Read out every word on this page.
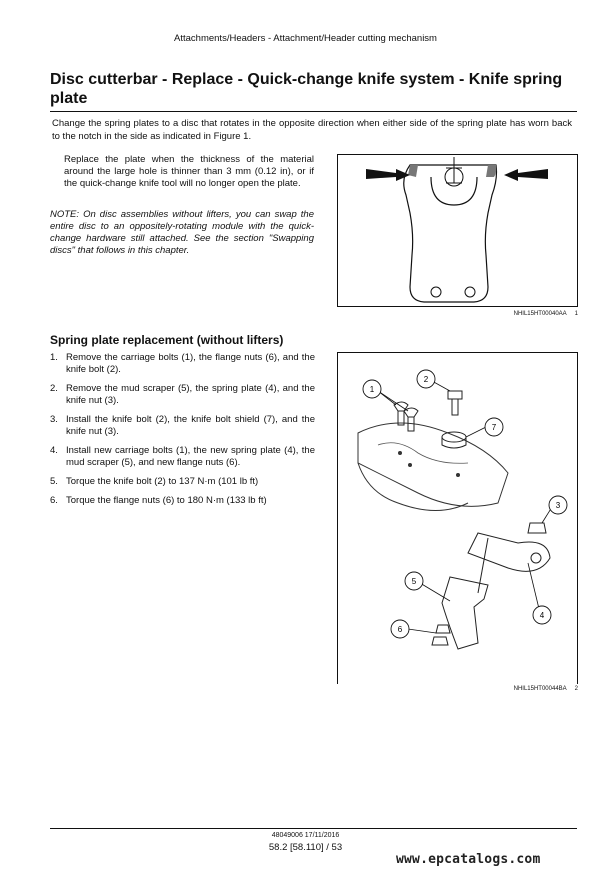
Attachments/Headers - Attachment/Header cutting mechanism
Disc cutterbar - Replace - Quick-change knife system - Knife spring plate
Change the spring plates to a disc that rotates in the opposite direction when either side of the spring plate has worn back to the notch in the side as indicated in Figure 1.
Replace the plate when the thickness of the material around the large hole is thinner than 3 mm (0.12 in), or if the quick-change knife tool will no longer open the plate.
NOTE: On disc assemblies without lifters, you can swap the entire disc to an oppositely-rotating module with the quick-change hardware still attached. See the section "Swapping discs" that follows in this chapter.
NHIL15HT00040AA 1
Spring plate replacement (without lifters)
1. Remove the carriage bolts (1), the flange nuts (6), and the knife bolt (2).
2. Remove the mud scraper (5), the spring plate (4), and the knife nut (3).
3. Install the knife bolt (2), the knife bolt shield (7), and the knife nut (3).
4. Install new carriage bolts (1), the new spring plate (4), the mud scraper (5), and new flange nuts (6).
5. Torque the knife bolt (2) to 137 N·m (101 lb ft)
6. Torque the flange nuts (6) to 180 N·m (133 lb ft)
1
2
7
3
5
4
6
NHIL15HT00044BA 2
48049006 17/11/2016
58.2 [58.110] / 53
www.epcatalogs.com
